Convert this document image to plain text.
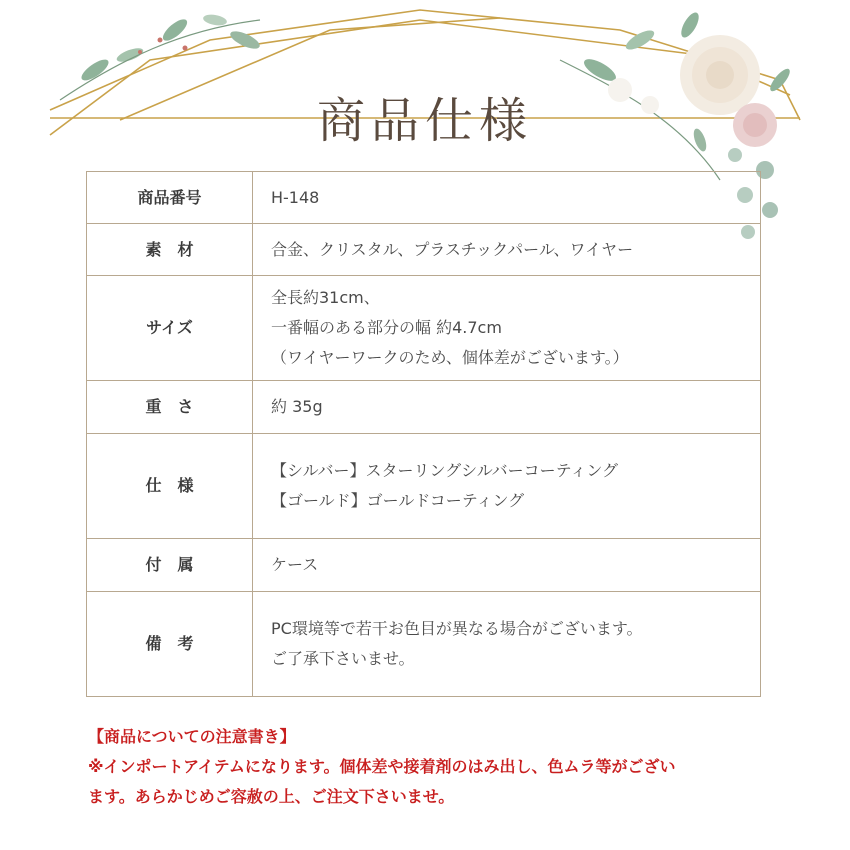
商品仕様
商品番号	H-148

素　材	合金、クリスタル、プラスチックパール、ワイヤー

サイズ	全長約31cm、
一番幅のある部分の幅 約4.7cm
（ワイヤーワークのため、個体差がございます。）

重　さ	約 35g

仕　様	【シルバー】スターリングシルバーコーティング
【ゴールド】ゴールドコーティング

付　属	ケース

備　考	PC環境等で若干お色目が異なる場合がございます。
ご了承下さいませ。
【商品についての注意書き】
※インポートアイテムになります。個体差や接着剤のはみ出し、色ムラ等がござい
ます。あらかじめご容赦の上、ご注文下さいませ。
